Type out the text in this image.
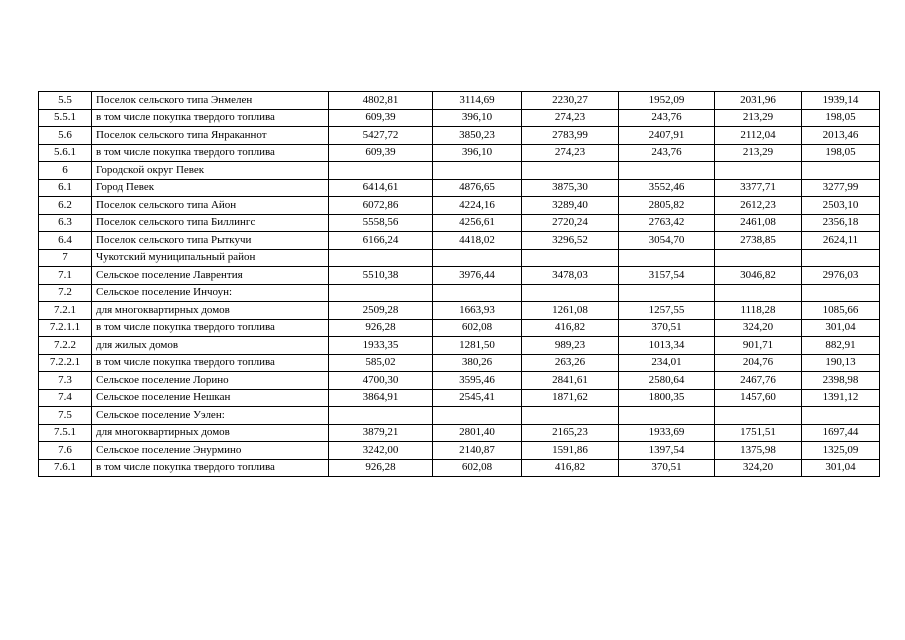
5.5	Поселок сельского типа Энмелен	4802,81	3114,69	2230,27	1952,09	2031,96	1939,14
5.5.1	в том числе покупка твердого топлива	609,39	396,10	274,23	243,76	213,29	198,05
5.6	Поселок сельского типа Янраканнот	5427,72	3850,23	2783,99	2407,91	2112,04	2013,46
5.6.1	в том числе покупка твердого топлива	609,39	396,10	274,23	243,76	213,29	198,05
6	Городской округ Певек						
6.1	Город Певек	6414,61	4876,65	3875,30	3552,46	3377,71	3277,99
6.2	Поселок сельского типа Айон	6072,86	4224,16	3289,40	2805,82	2612,23	2503,10
6.3	Поселок сельского типа Биллингс	5558,56	4256,61	2720,24	2763,42	2461,08	2356,18
6.4	Поселок сельского типа Рыткучи	6166,24	4418,02	3296,52	3054,70	2738,85	2624,11
7	Чукотский муниципальный район						
7.1	Сельское поселение Лаврентия	5510,38	3976,44	3478,03	3157,54	3046,82	2976,03
7.2	Сельское поселение Инчоун:						
7.2.1	для многоквартирных домов	2509,28	1663,93	1261,08	1257,55	1118,28	1085,66
7.2.1.1	в том числе покупка твердого топлива	926,28	602,08	416,82	370,51	324,20	301,04
7.2.2	для жилых домов	1933,35	1281,50	989,23	1013,34	901,71	882,91
7.2.2.1	в том числе покупка твердого топлива	585,02	380,26	263,26	234,01	204,76	190,13
7.3	Сельское поселение Лорино	4700,30	3595,46	2841,61	2580,64	2467,76	2398,98
7.4	Сельское поселение Нешкан	3864,91	2545,41	1871,62	1800,35	1457,60	1391,12
7.5	Сельское поселение Уэлен:						
7.5.1	для многоквартирных домов	3879,21	2801,40	2165,23	1933,69	1751,51	1697,44
7.6	Сельское поселение Энурмино	3242,00	2140,87	1591,86	1397,54	1375,98	1325,09
7.6.1	в том числе покупка твердого топлива	926,28	602,08	416,82	370,51	324,20	301,04
